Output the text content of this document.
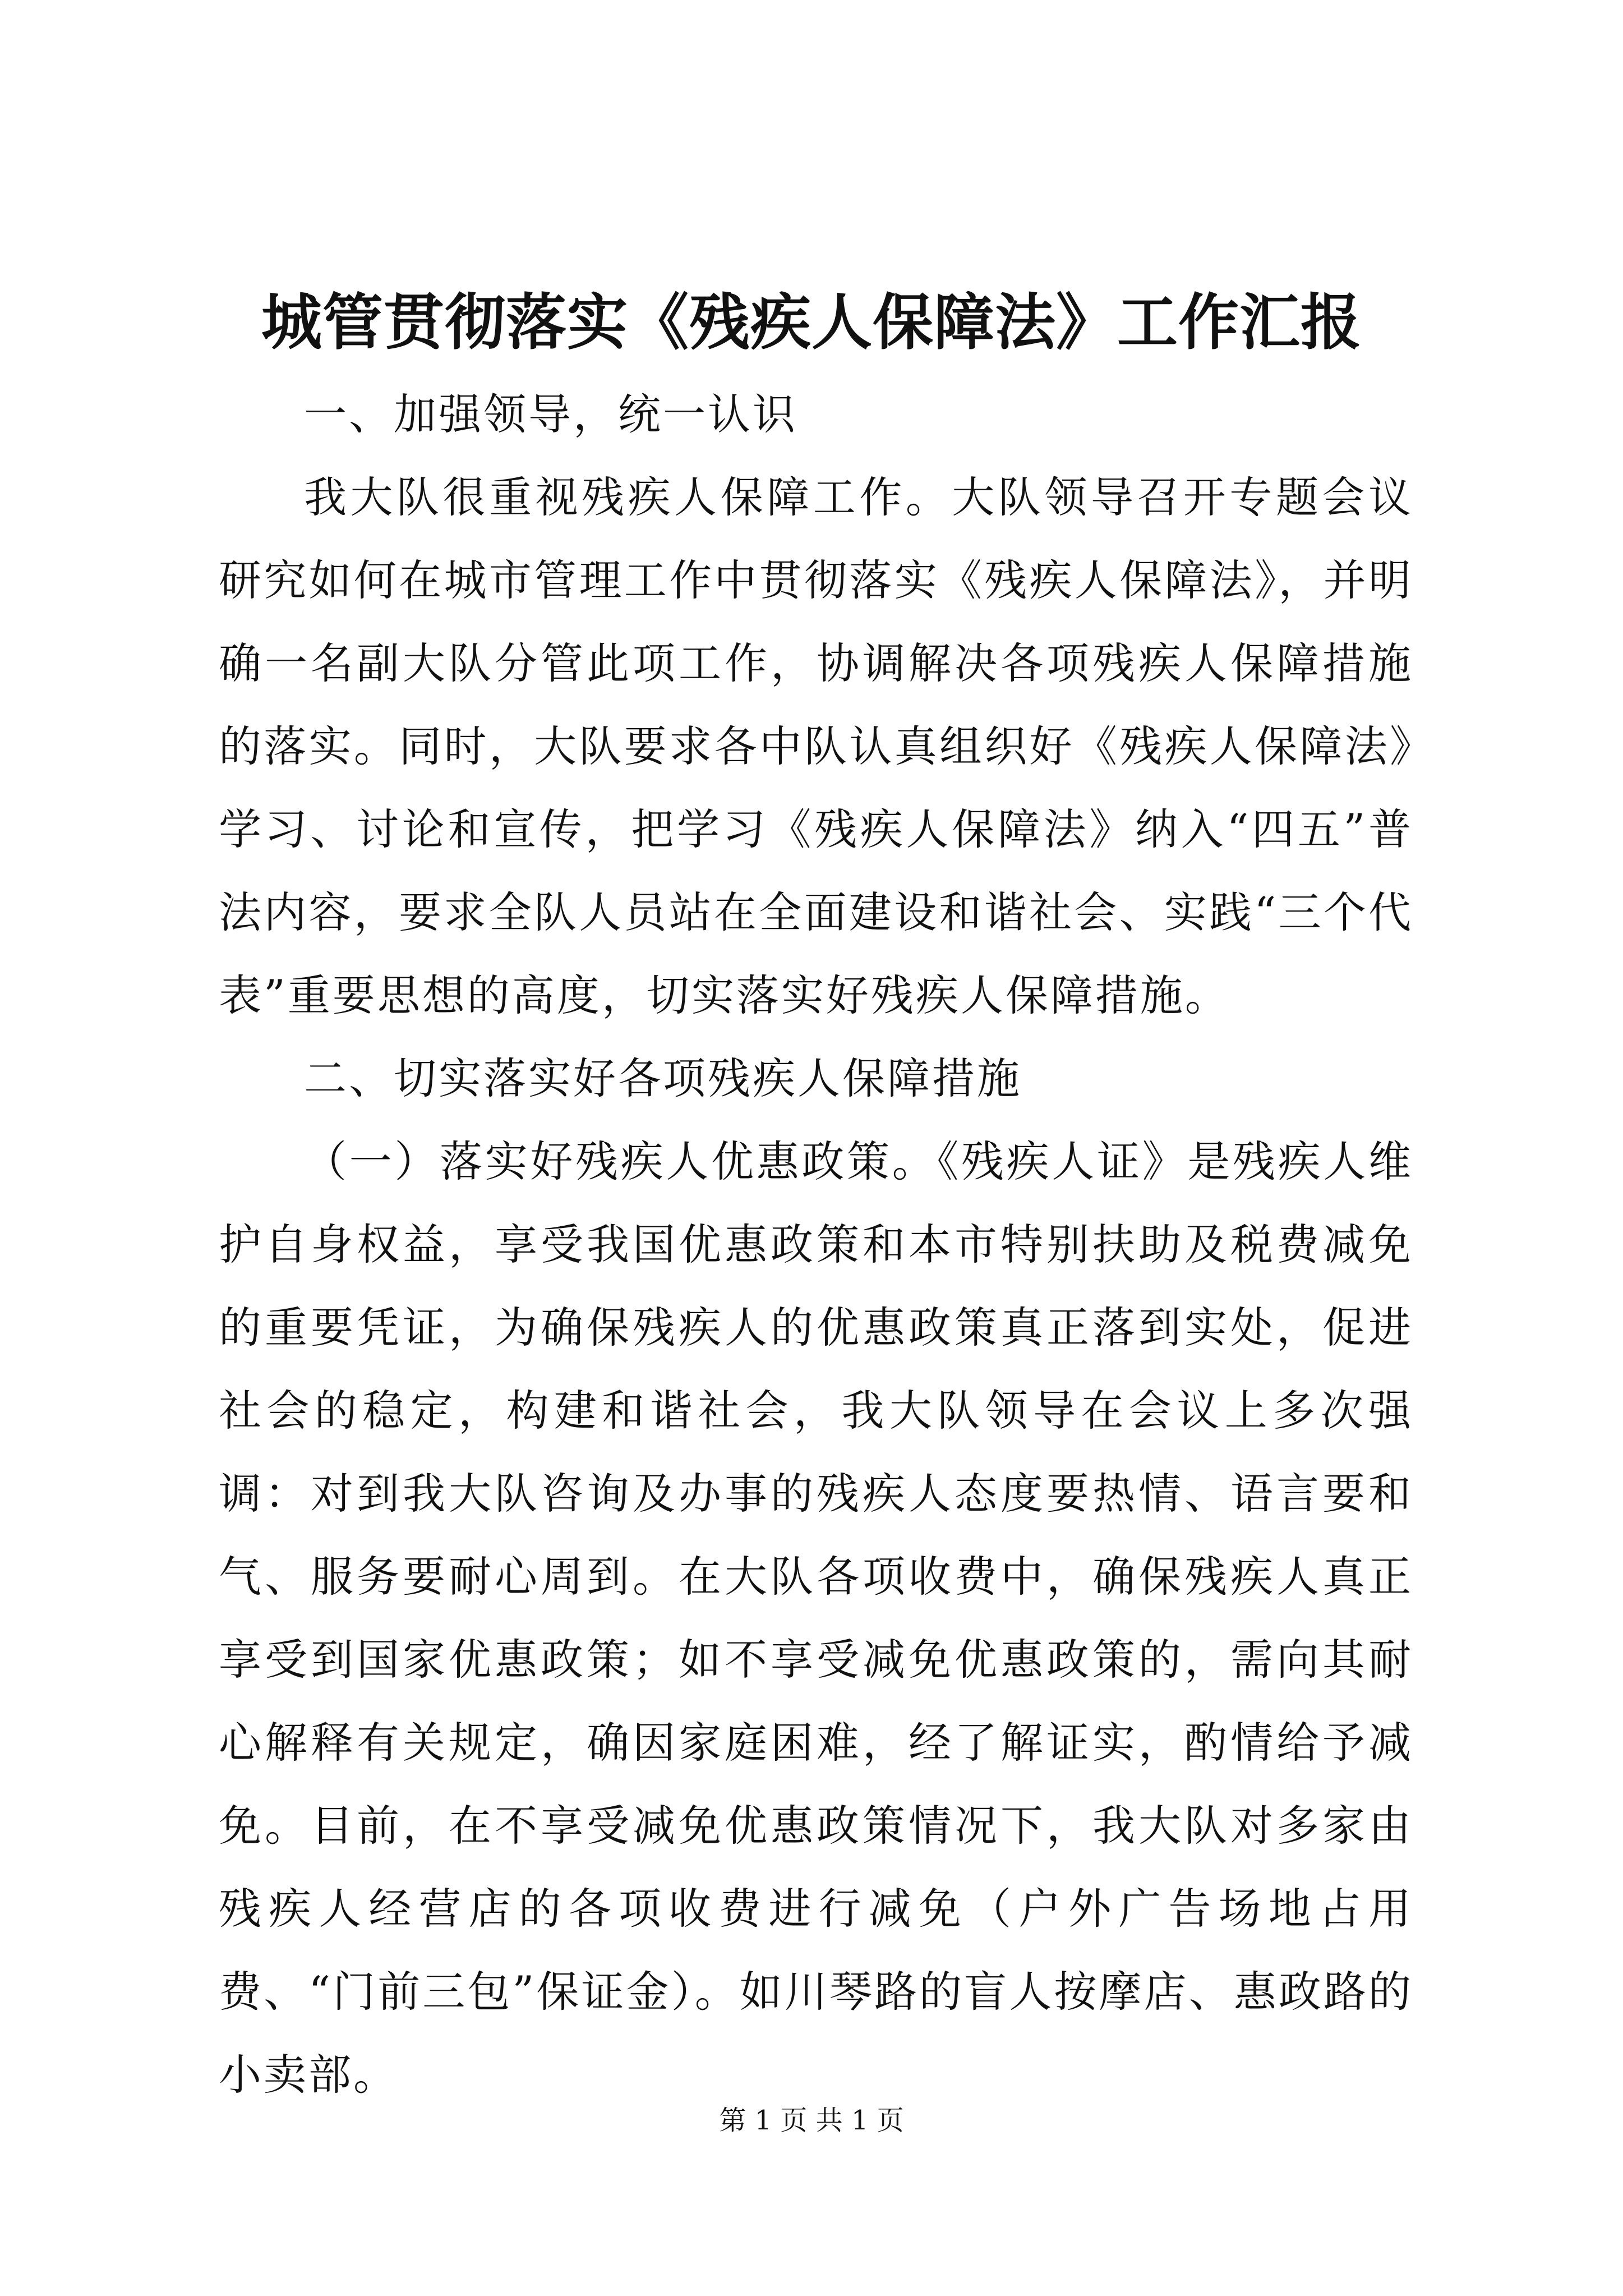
城管贯彻落实《残疾人保障法》工作汇报

一、加强领导，统一认识

我大队很重视残疾人保障工作。大队领导召开专题会议研究如何在城市管理工作中贯彻落实《残疾人保障法》，并明确一名副大队分管此项工作，协调解决各项残疾人保障措施的落实。同时，大队要求各中队认真组织好《残疾人保障法》学习、讨论和宣传，把学习《残疾人保障法》纳入“四五”普法内容，要求全队人员站在全面建设和谐社会、实践“三个代表”重要思想的高度，切实落实好残疾人保障措施。

二、切实落实好各项残疾人保障措施

（一）落实好残疾人优惠政策。《残疾人证》是残疾人维护自身权益，享受我国优惠政策和本市特别扶助及税费减免的重要凭证，为确保残疾人的优惠政策真正落到实处，促进社会的稳定，构建和谐社会，我大队领导在会议上多次强调：对到我大队咨询及办事的残疾人态度要热情、语言要和气、服务要耐心周到。在大队各项收费中，确保残疾人真正享受到国家优惠政策；如不享受减免优惠政策的，需向其耐心解释有关规定，确因家庭困难，经了解证实，酌情给予减免。目前，在不享受减免优惠政策情况下，我大队对多家由残疾人经营店的各项收费进行减免（户外广告场地占用费、“门前三包”保证金）。如川琴路的盲人按摩店、惠政路的小卖部。

第 1 页 共 1 页
